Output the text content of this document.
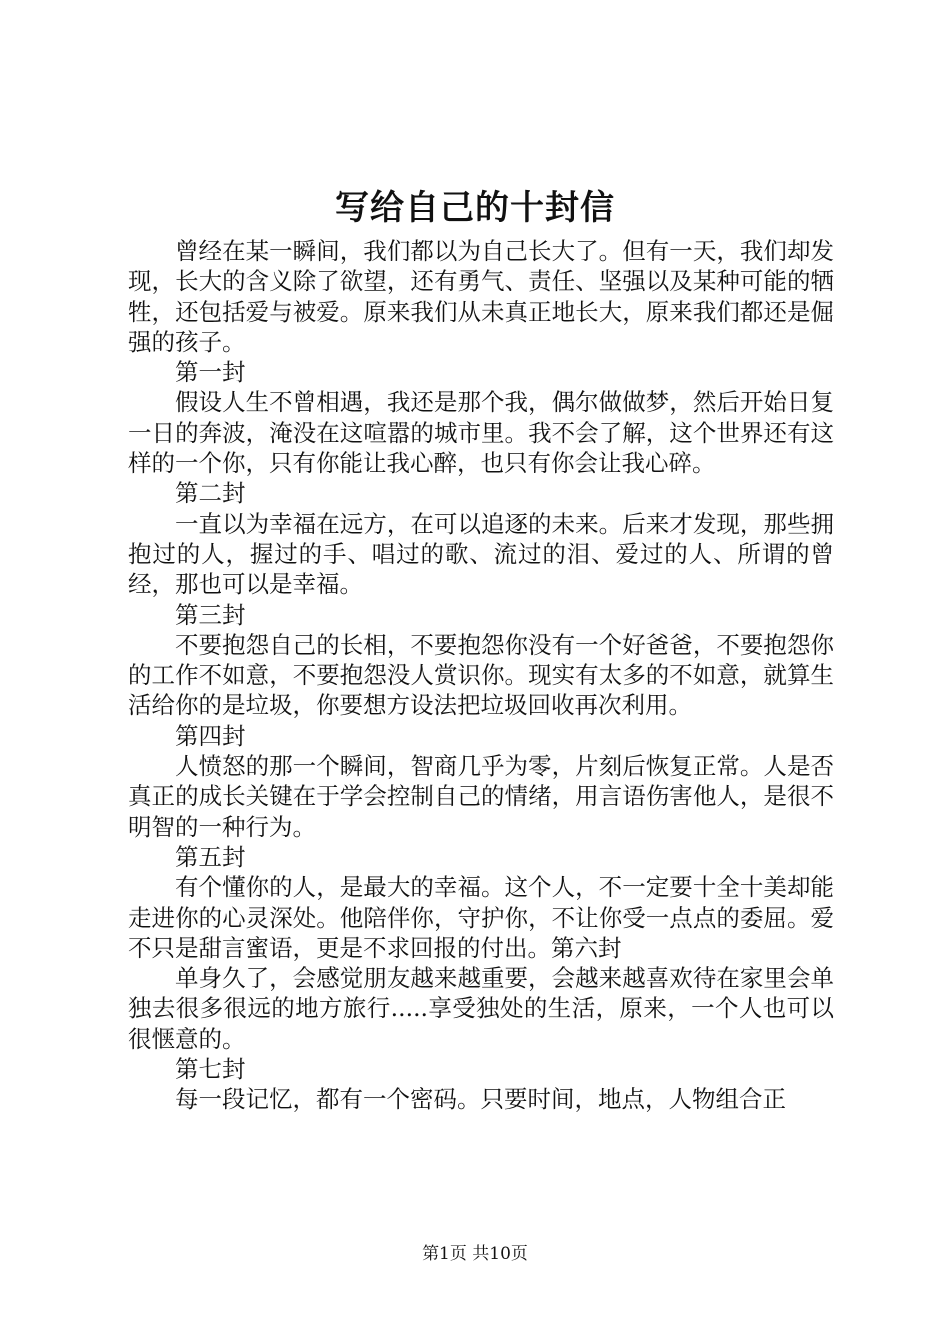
写给自己的十封信

曾经在某一瞬间，我们都以为自己长大了。但有一天，我们却发现，长大的含义除了欲望，还有勇气、责任、坚强以及某种可能的牺牲，还包括爱与被爱。原来我们从未真正地长大，原来我们都还是倔强的孩子。

第一封

假设人生不曾相遇，我还是那个我，偶尔做做梦，然后开始日复一日的奔波，淹没在这喧嚣的城市里。我不会了解，这个世界还有这样的一个你，只有你能让我心醉，也只有你会让我心碎。

第二封

一直以为幸福在远方，在可以追逐的未来。后来才发现，那些拥抱过的人，握过的手、唱过的歌、流过的泪、爱过的人、所谓的曾经，那也可以是幸福。

第三封

不要抱怨自己的长相，不要抱怨你没有一个好爸爸，不要抱怨你的工作不如意，不要抱怨没人赏识你。现实有太多的不如意，就算生活给你的是垃圾，你要想方设法把垃圾回收再次利用。

第四封

人愤怒的那一个瞬间，智商几乎为零，片刻后恢复正常。人是否真正的成长关键在于学会控制自己的情绪，用言语伤害他人，是很不明智的一种行为。

第五封

有个懂你的人，是最大的幸福。这个人，不一定要十全十美却能走进你的心灵深处。他陪伴你，守护你，不让你受一点点的委屈。爱不只是甜言蜜语，更是不求回报的付出。第六封

单身久了，会感觉朋友越来越重要，会越来越喜欢待在家里会单独去很多很远的地方旅行.....享受独处的生活，原来，一个人也可以很惬意的。

第七封

每一段记忆，都有一个密码。只要时间，地点，人物组合正

第1页 共10页
